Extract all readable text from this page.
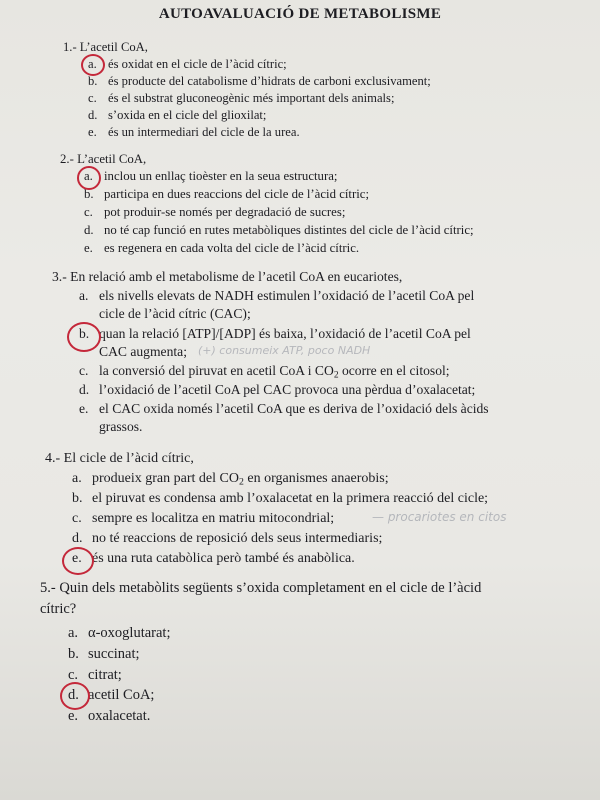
AUTOAVALUACIÓ DE METABOLISME
1.- L’acetil CoA,
a. és oxidat en el cicle de l’àcid cítric;
b. és producte del catabolisme d’hidrats de carboni exclusivament;
c. és el substrat gluconeogènic més important dels animals;
d. s’oxida en el cicle del glioxilat;
e. és un intermediari del cicle de la urea.
2.- L’acetil CoA,
a. inclou un enllaç tioèster en la seua estructura;
b. participa en dues reaccions del cicle de l’àcid cítric;
c. pot produir-se només per degradació de sucres;
d. no té cap funció en rutes metabòliques distintes del cicle de l’àcid cítric;
e. es regenera en cada volta del cicle de l’àcid cítric.
3.- En relació amb el metabolisme de l’acetil CoA en eucariotes,
a. els nivells elevats de NADH estimulen l’oxidació de l’acetil CoA pel
cicle de l’àcid cítric (CAC);
b. quan la relació [ATP]/[ADP] és baixa, l’oxidació de l’acetil CoA pel
CAC augmenta; (+) consumeix ATP, poco NADH
c. la conversió del piruvat en acetil CoA i $CO_2$ ocorre en el citosol;
d. l’oxidació de l’acetil CoA pel CAC provoca una pèrdua d’oxalacetat;
e. el CAC oxida només l’acetil CoA que es deriva de l’oxidació dels àcids
grassos.
4.- El cicle de l’àcid cítric,
a. produeix gran part del $CO_2$ en organismes anaerobis;
b. el piruvat es condensa amb l’oxalacetat en la primera reacció del cicle;
c. sempre es localitza en matriu mitocondrial;	— procariotes en citos
d. no té reaccions de reposició dels seus intermediaris;
e. és una ruta catabòlica però també és anabòlica.
5.- Quin dels metabòlits següents s’oxida completament en el cicle de l’àcid
cítric?
a. α-oxoglutarat;
b. succinat;
c. citrat;
d. acetil CoA;
e. oxalacetat.
